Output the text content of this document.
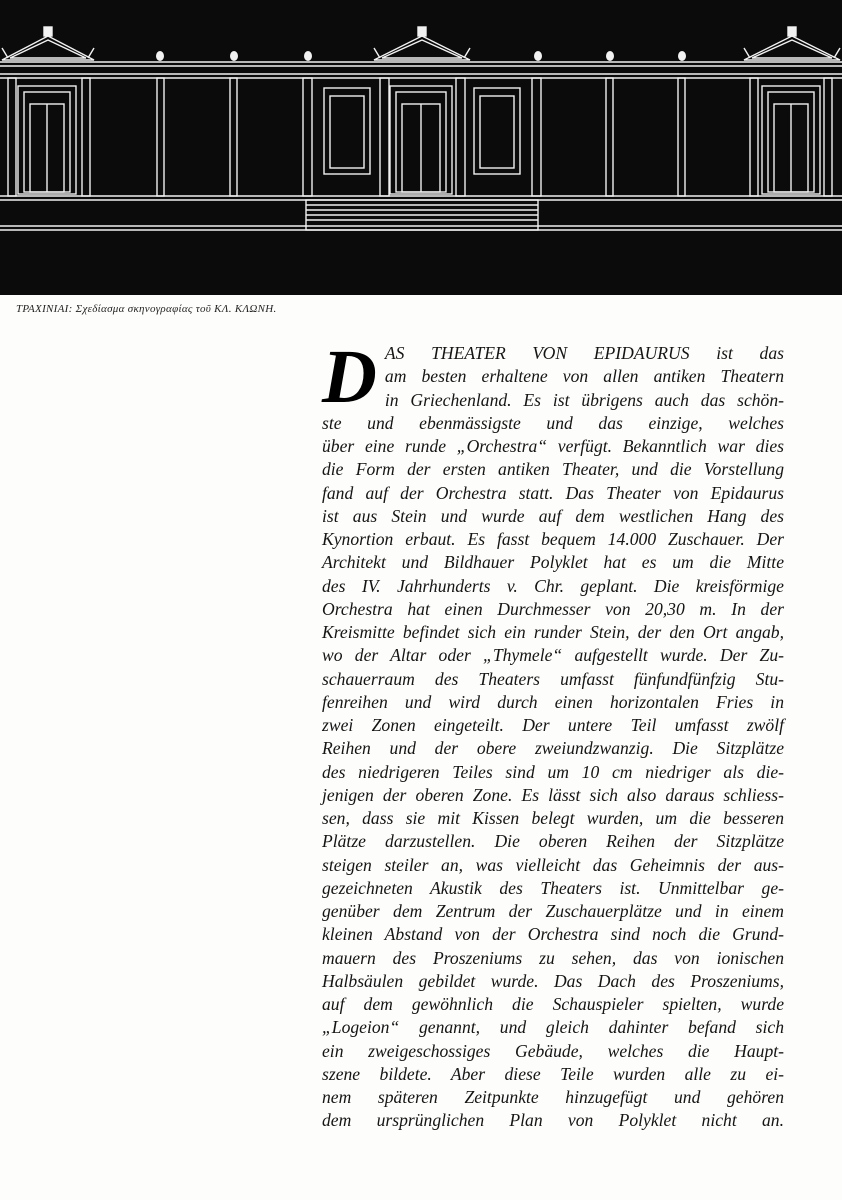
ΤΡΑΧΙΝΙΑΙ: Σχεδίασμα σκηνογραφίας τοῦ ΚΛ. ΚΛΩΝΗ.
D AS THEATER VON EPIDAURUS ist das
am besten erhaltene von allen antiken Theatern
in Griechenland. Es ist übrigens auch das schön-
ste und ebenmässigste und das einzige, welches
über eine runde „Orchestra“ verfügt. Bekanntlich war dies
die Form der ersten antiken Theater, und die Vorstellung
fand auf der Orchestra statt. Das Theater von Epidaurus
ist aus Stein und wurde auf dem westlichen Hang des
Kynortion erbaut. Es fasst bequem 14.000 Zuschauer. Der
Architekt und Bildhauer Polyklet hat es um die Mitte
des IV. Jahrhunderts v. Chr. geplant. Die kreisförmige
Orchestra hat einen Durchmesser von 20,30 m. In der
Kreismitte befindet sich ein runder Stein, der den Ort angab,
wo der Altar oder „Thymele“ aufgestellt wurde. Der Zu-
schauerraum des Theaters umfasst fünfundfünfzig Stu-
fenreihen und wird durch einen horizontalen Fries in
zwei Zonen eingeteilt. Der untere Teil umfasst zwölf
Reihen und der obere zweiundzwanzig. Die Sitzplätze
des niedrigeren Teiles sind um 10 cm niedriger als die-
jenigen der oberen Zone. Es lässt sich also daraus schliess-
sen, dass sie mit Kissen belegt wurden, um die besseren
Plätze darzustellen. Die oberen Reihen der Sitzplätze
steigen steiler an, was vielleicht das Geheimnis der aus-
gezeichneten Akustik des Theaters ist. Unmittelbar ge-
genüber dem Zentrum der Zuschauerplätze und in einem
kleinen Abstand von der Orchestra sind noch die Grund-
mauern des Proszeniums zu sehen, das von ionischen
Halbsäulen gebildet wurde. Das Dach des Proszeniums,
auf dem gewöhnlich die Schauspieler spielten, wurde
„Logeion“ genannt, und gleich dahinter befand sich
ein zweigeschossiges Gebäude, welches die Haupt-
szene bildete. Aber diese Teile wurden alle zu ei-
nem späteren Zeitpunkte hinzugefügt und gehören
dem ursprünglichen Plan von Polyklet nicht an.
